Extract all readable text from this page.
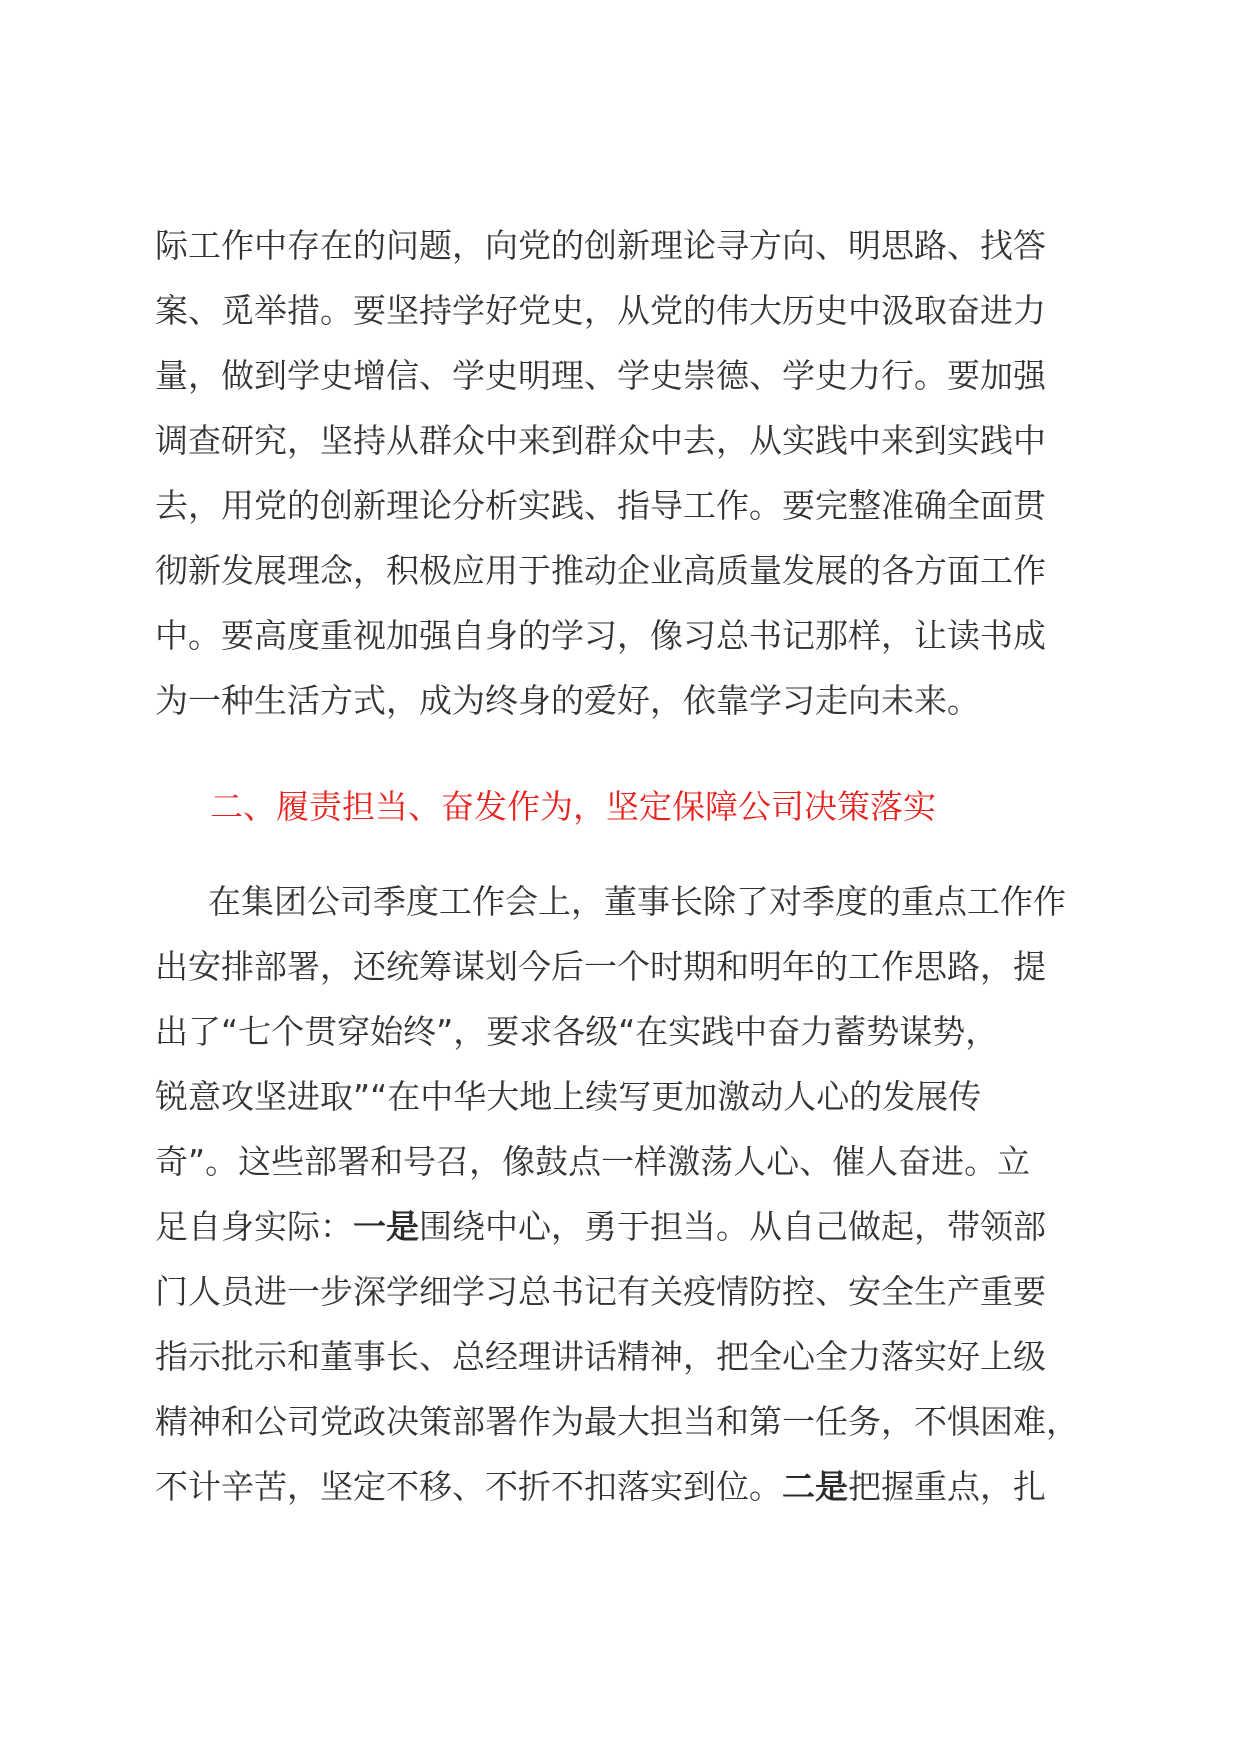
际工作中存在的问题，向党的创新理论寻方向、明思路、找答
案、觅举措。要坚持学好党史，从党的伟大历史中汲取奋进力
量，做到学史增信、学史明理、学史崇德、学史力行。要加强
调查研究，坚持从群众中来到群众中去，从实践中来到实践中
去，用党的创新理论分析实践、指导工作。要完整准确全面贯
彻新发展理念，积极应用于推动企业高质量发展的各方面工作
中。要高度重视加强自身的学习，像习总书记那样，让读书成
为一种生活方式，成为终身的爱好，依靠学习走向未来。
二、履责担当、奋发作为，坚定保障公司决策落实
在集团公司季度工作会上，董事长除了对季度的重点工作作
出安排部署，还统筹谋划今后一个时期和明年的工作思路，提
出了“七个贯穿始终”，要求各级“在实践中奋力蓄势谋势，
锐意攻坚进取”“在中华大地上续写更加激动人心的发展传
奇”。这些部署和号召，像鼓点一样激荡人心、催人奋进。立
足自身实际：一是围绕中心，勇于担当。从自己做起，带领部
门人员进一步深学细学习总书记有关疫情防控、安全生产重要
指示批示和董事长、总经理讲话精神，把全心全力落实好上级
精神和公司党政决策部署作为最大担当和第一任务，不惧困难，
不计辛苦，坚定不移、不折不扣落实到位。二是把握重点，扎
